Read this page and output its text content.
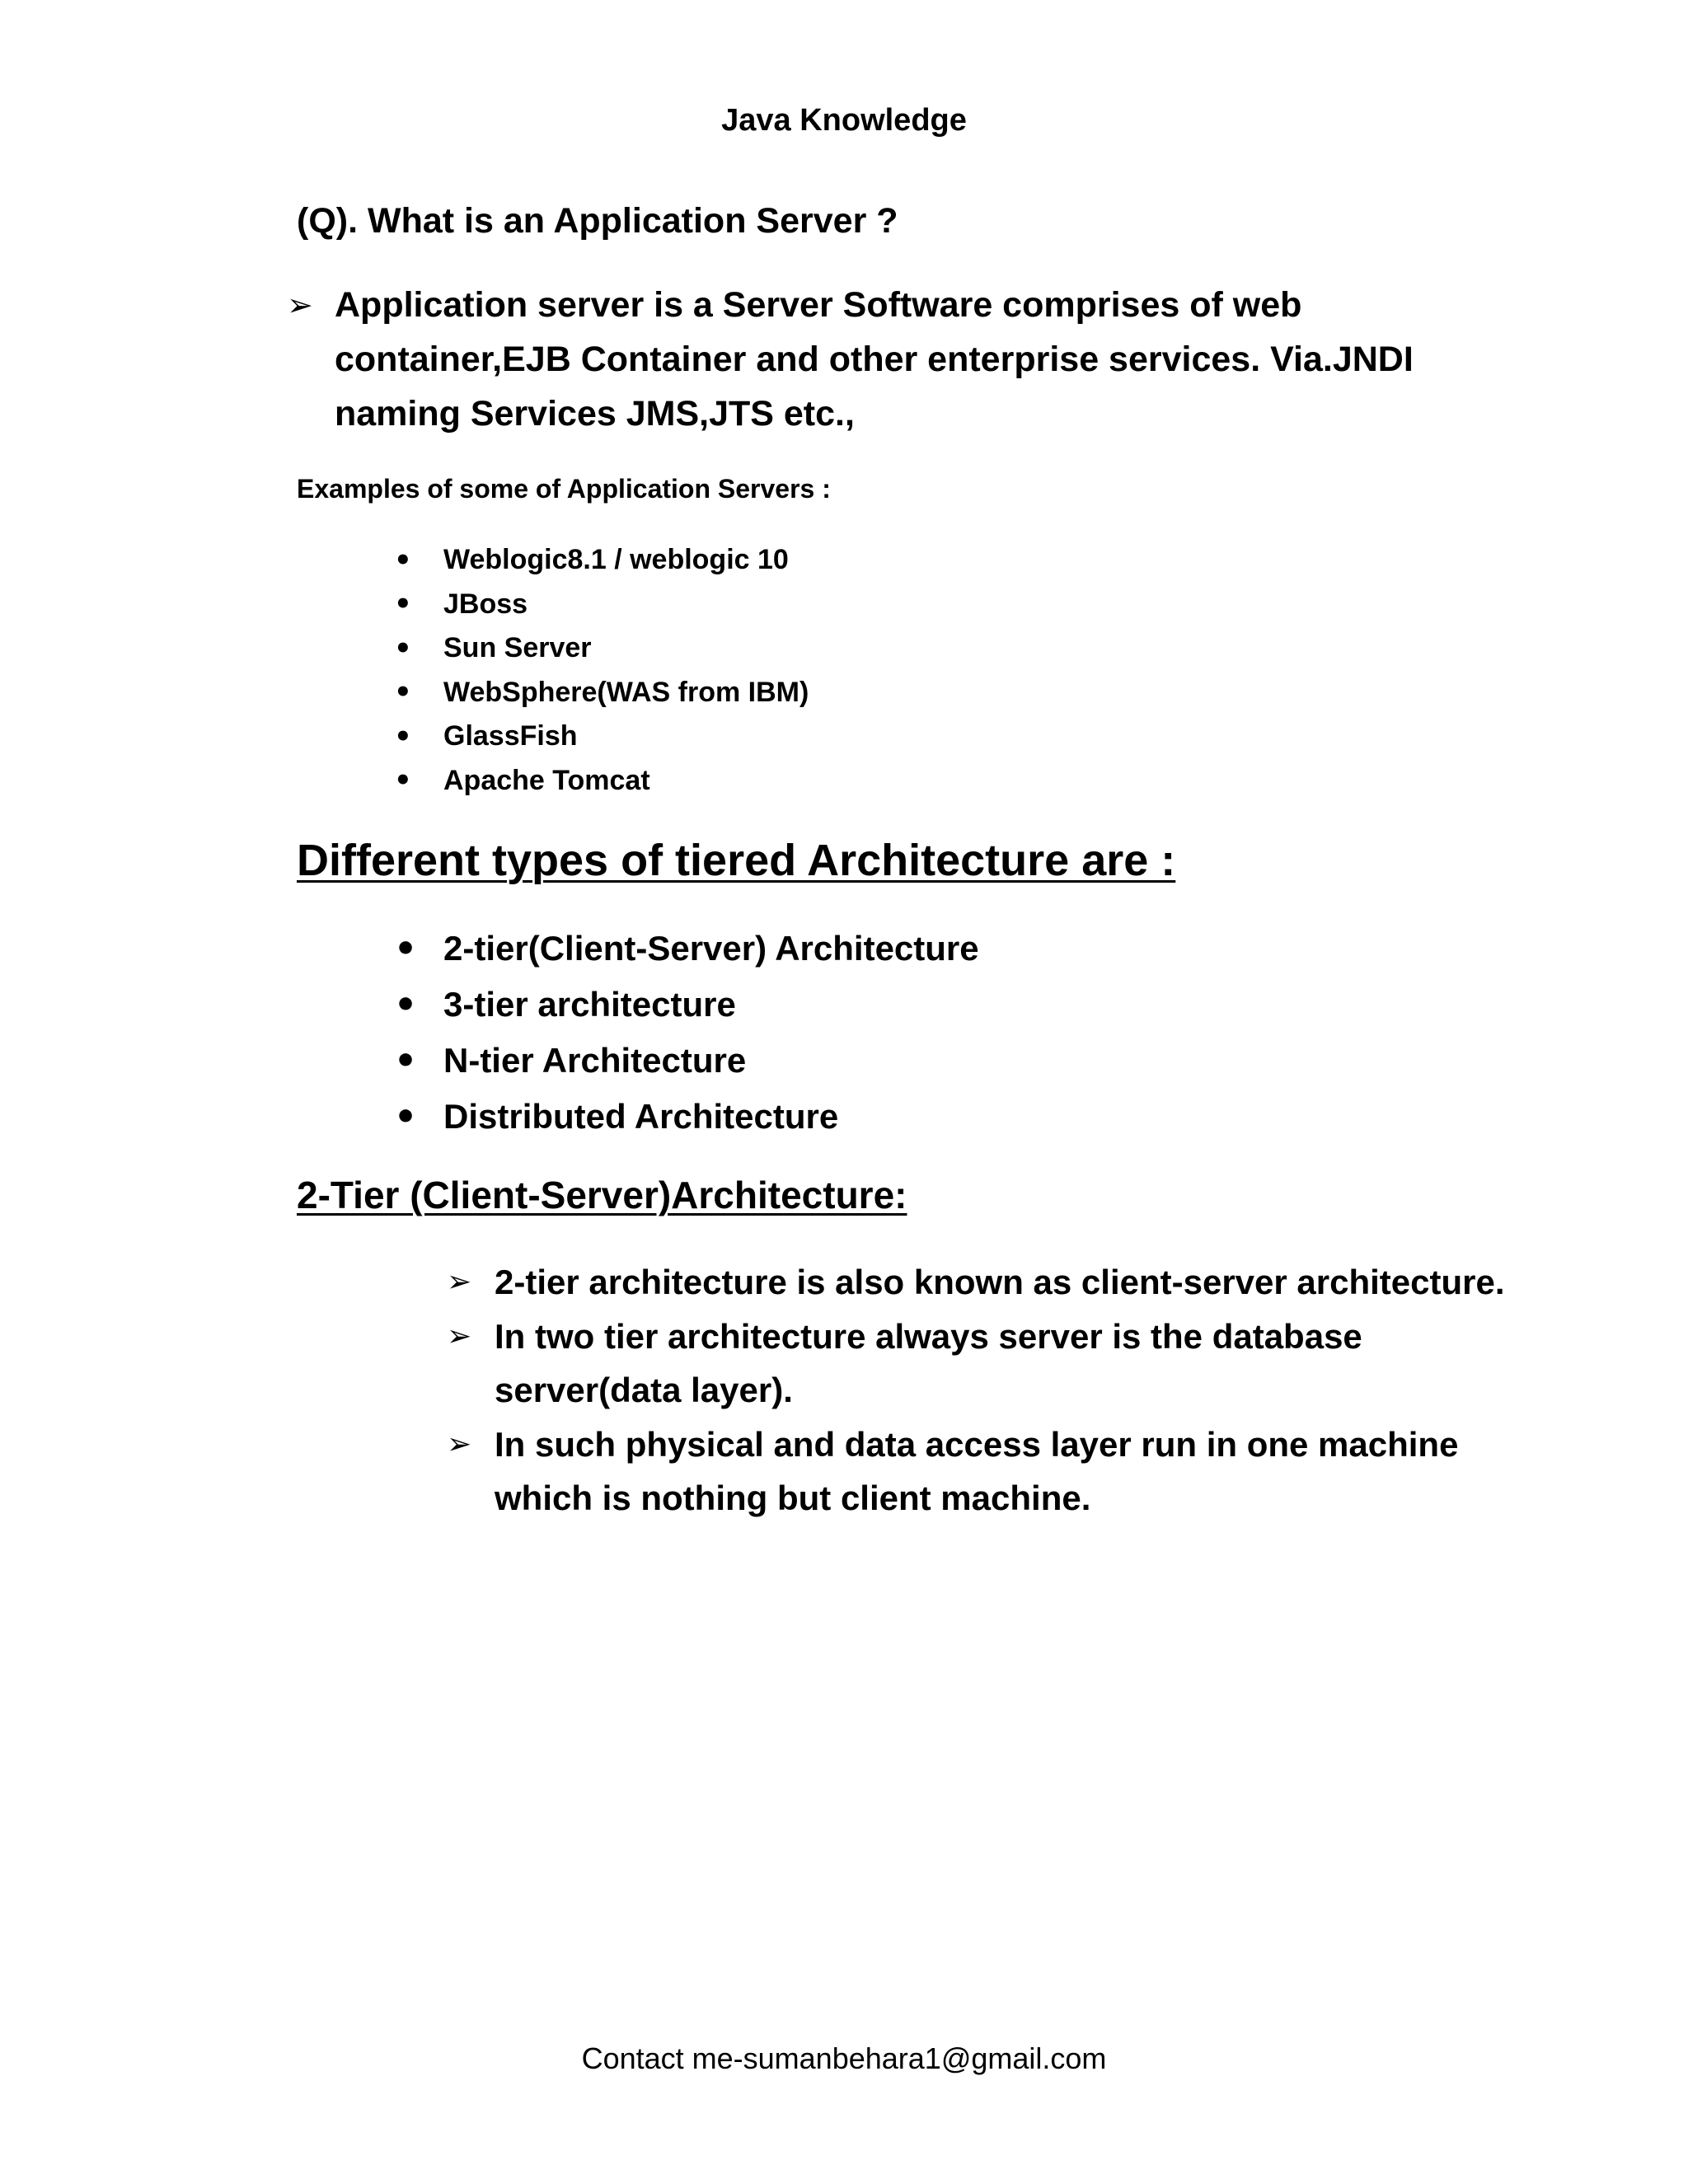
Java Knowledge
(Q). What is an Application Server ?
➢ Application server is a Server Software comprises of web container,EJB Container and other enterprise services. Via.JNDI naming Services JMS,JTS etc.,
Examples of some of Application Servers :
•	Weblogic8.1 / weblogic 10
•	JBoss
•	Sun Server
•	WebSphere(WAS from IBM)
•	GlassFish
•	Apache Tomcat
Different types of tiered Architecture are :
• 2-tier(Client-Server) Architecture
• 3-tier architecture
• N-tier Architecture
• Distributed Architecture
2-Tier (Client-Server)Architecture:
➢ 2-tier architecture is also known as client-server architecture.
➢ In two tier architecture always server is the database server(data layer).
➢ In such physical and data access layer run in one machine which is nothing but client machine.
Contact me-sumanbehara1@gmail.com
